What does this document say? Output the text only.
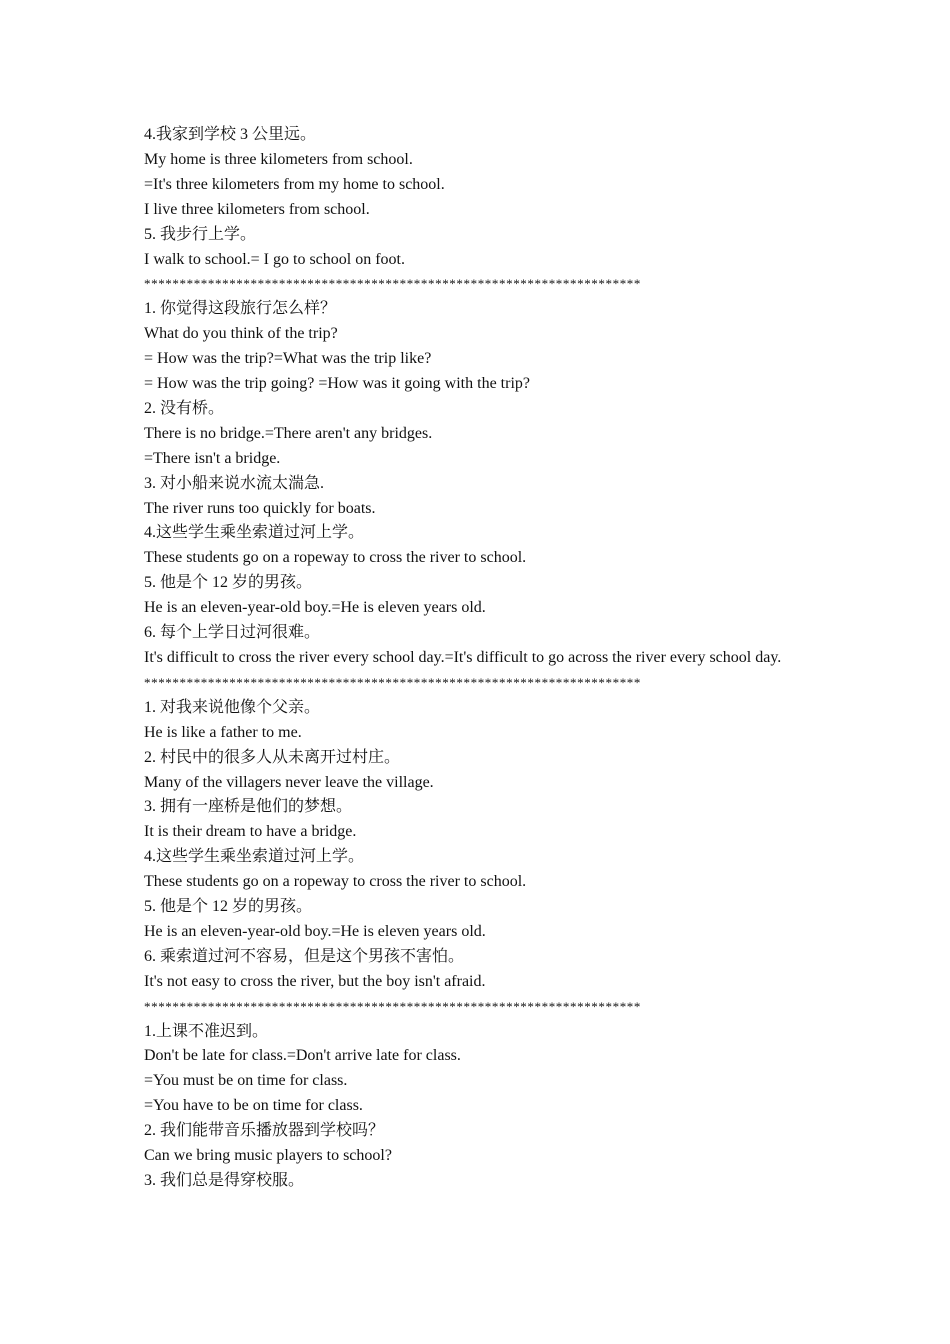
4.我家到学校 3 公里远。
My home is three kilometers from school.
=It's three kilometers from my home to school.
I live three kilometers from school.
5. 我步行上学。
I walk to school.= I go to school on foot.
**********************************************************************
1. 你觉得这段旅行怎么样？
What do you think of the trip?
= How was the trip?=What was the trip like?
= How was the trip going? =How was it going with the trip?
2. 没有桥。
There is no bridge.=There aren't any bridges.
=There isn't a bridge.
3. 对小船来说水流太湍急.
The river runs too quickly for boats.
4.这些学生乘坐索道过河上学。
These students go on a ropeway to cross the river to school.
5. 他是个 12 岁的男孩。
He is an eleven-year-old boy.=He is eleven years old.
6. 每个上学日过河很难。
It's difficult to cross the river every school day.=It's difficult to go across the river every school day.
**********************************************************************
1. 对我来说他像个父亲。
He is like a father to me.
2. 村民中的很多人从未离开过村庄。
Many of the villagers never leave the village.
3. 拥有一座桥是他们的梦想。
It is their dream to have a bridge.
4.这些学生乘坐索道过河上学。
These students go on a ropeway to cross the river to school.
5. 他是个 12 岁的男孩。
He is an eleven-year-old boy.=He is eleven years old.
6. 乘索道过河不容易，但是这个男孩不害怕。
It's not easy to cross the river, but the boy isn't afraid.
**********************************************************************
1.上课不准迟到。
Don't be late for class.=Don't arrive late for class.
=You must be on time for class.
=You have to be on time for class.
2. 我们能带音乐播放器到学校吗？
Can we bring music players to school?
3. 我们总是得穿校服。
